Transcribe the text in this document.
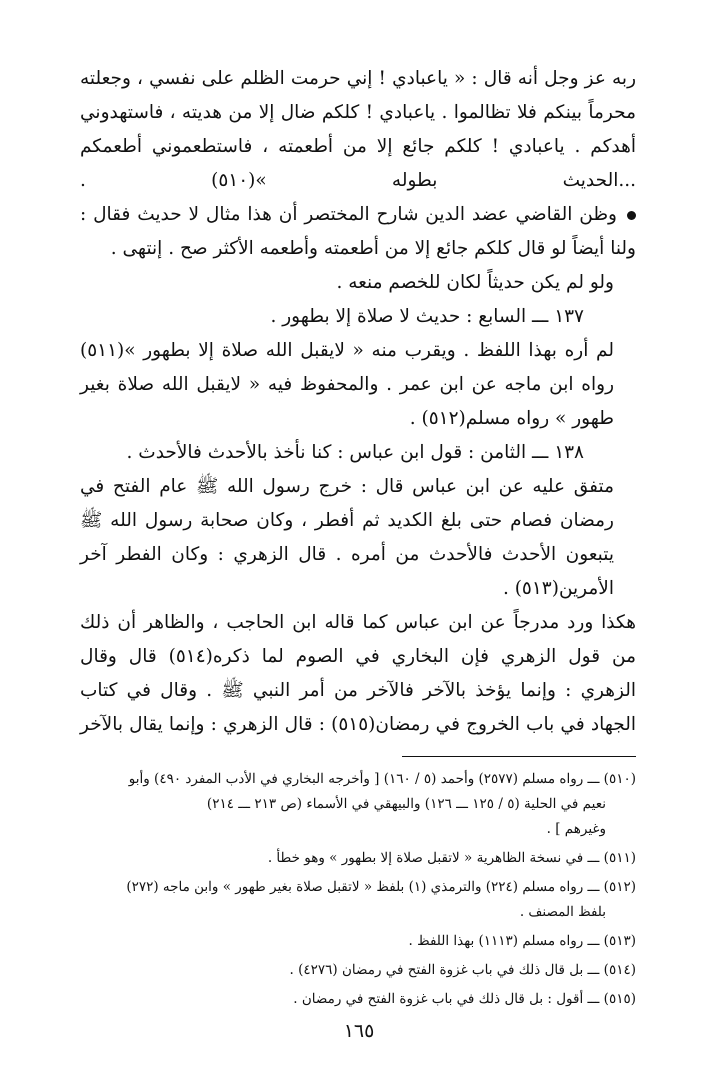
ربه عز وجل أنه قال : « ياعبادي ! إني حرمت الظلم على نفسي ، وجعلته محرماً بينكم فلا تظالموا . ياعبادي ! كلكم ضال إلا من هديته ، فاستهدوني أهدكم . ياعبادي ! كلكم جائع إلا من أطعمته ، فاستطعموني أطعمكم ...الحديث بطوله »(٥١٠) .

وظن القاضي عضد الدين شارح المختصر أن هذا مثال لا حديث فقال : ولنا أيضاً لو قال كلكم جائع إلا من أطعمته وأطعمه الأكثر صح . إنتهى .

ولو لم يكن حديثاً لكان للخصم منعه .

١٣٧ ـــ السابع : حديث لا صلاة إلا بطهور .

لم أره بهذا اللفظ . ويقرب منه « لايقبل الله صلاة إلا بطهور »(٥١١) رواه ابن ماجه عن ابن عمر . والمحفوظ فيه « لايقبل الله صلاة بغير طهور » رواه مسلم(٥١٢) .

١٣٨ ـــ الثامن : قول ابن عباس : كنا نأخذ بالأحدث فالأحدث .

متفق عليه عن ابن عباس قال : خرج رسول الله ﷺ عام الفتح في رمضان فصام حتى بلغ الكديد ثم أفطر ، وكان صحابة رسول الله ﷺ يتبعون الأحدث فالأحدث من أمره . قال الزهري : وكان الفطر آخر الأمرين(٥١٣) .

هكذا ورد مدرجاً عن ابن عباس كما قاله ابن الحاجب ، والظاهر أن ذلك من قول الزهري فإن البخاري في الصوم لما ذكره(٥١٤) قال وقال الزهري : وإنما يؤخذ بالآخر فالآخر من أمر النبي ﷺ . وقال في كتاب الجهاد في باب الخروج في رمضان(٥١٥) : قال الزهري : وإنما يقال بالآخر

(٥١٠) ـــ رواه مسلم (٢٥٧٧) وأحمد (٥ / ١٦٠) [ وأخرجه البخاري في الأدب المفرد ٤٩٠) وأبو
نعيم في الحلية (٥ / ١٢٥ ـــ ١٢٦) والبيهقي في الأسماء (ص ٢١٣ ـــ ٢١٤)
وغيرهم ] .

(٥١١) ـــ في نسخة الظاهرية « لاتقبل صلاة إلا بطهور » وهو خطأ .

(٥١٢) ـــ رواه مسلم (٢٢٤) والترمذي (١) بلفظ « لاتقبل صلاة بغير طهور » وابن ماجه (٢٧٢)
بلفظ المصنف .

(٥١٣) ـــ رواه مسلم (١١١٣) بهذا اللفظ .

(٥١٤) ـــ بل قال ذلك في باب غزوة الفتح في رمضان (٤٢٧٦) .

(٥١٥) ـــ أقول : بل قال ذلك في باب غزوة الفتح في رمضان .

١٦٥
